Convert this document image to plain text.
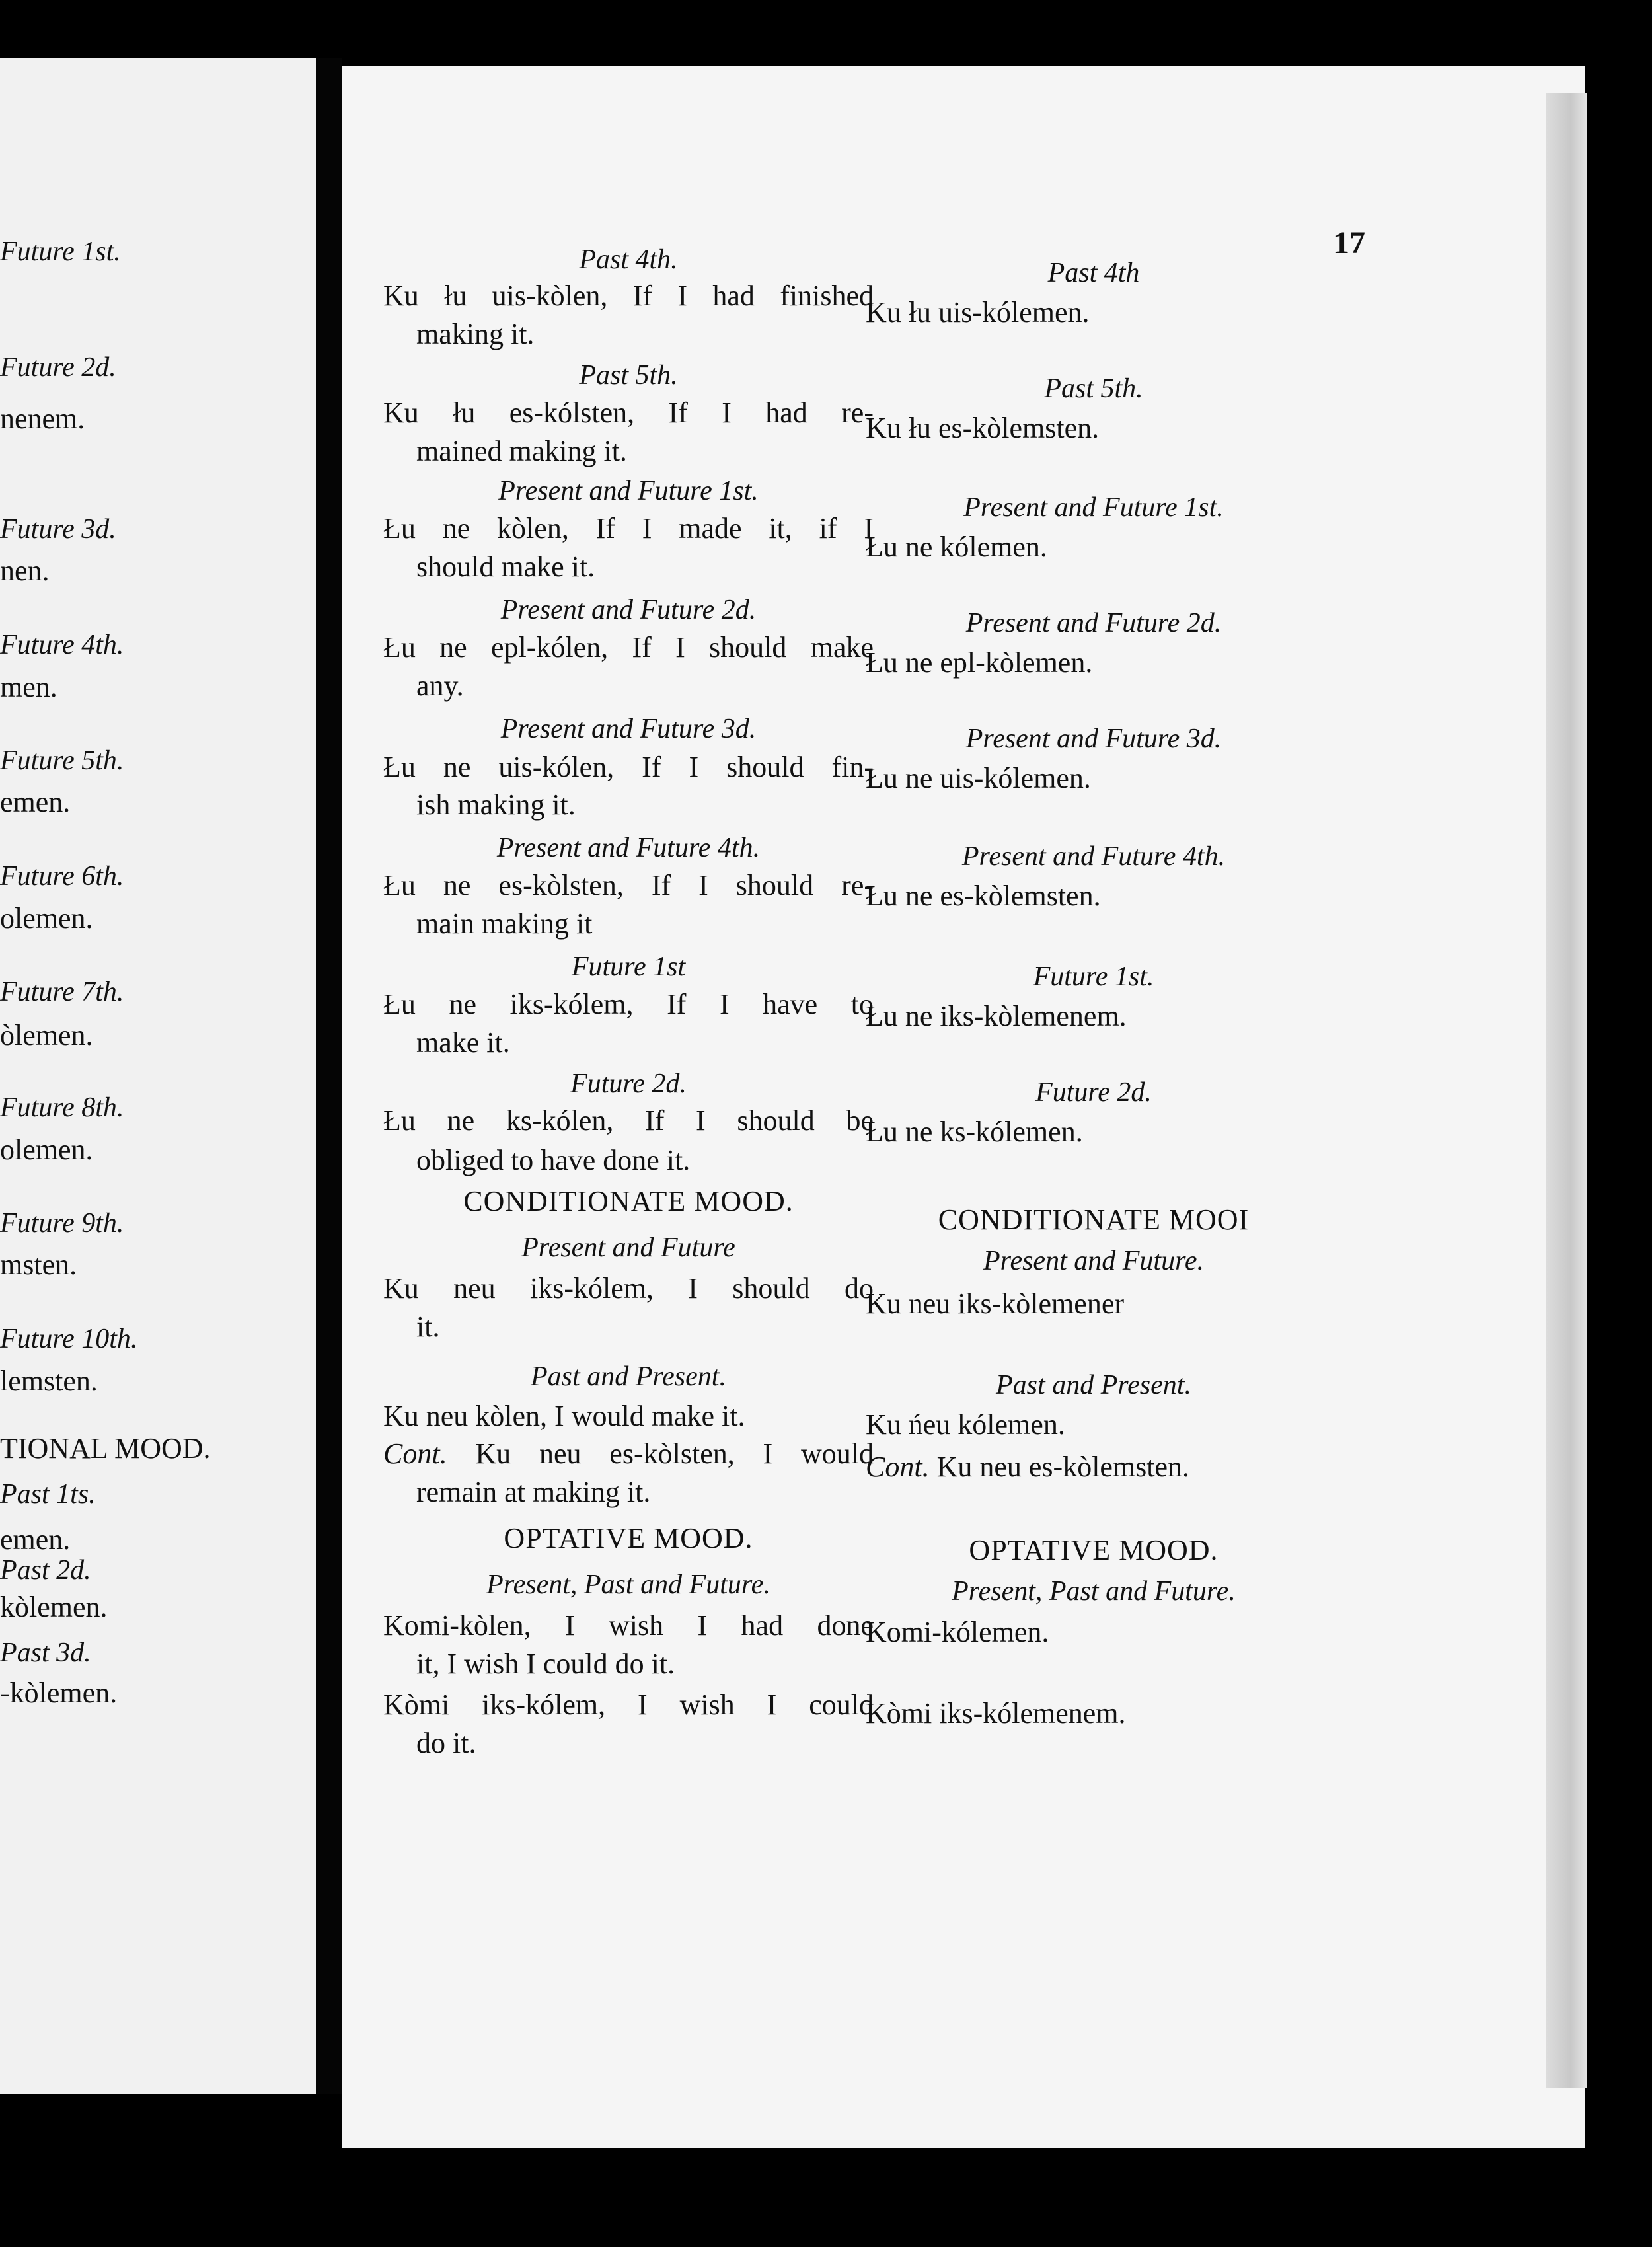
Future 1st.
Future 2d.
nenem.
Future 3d.
nen.
Future 4th.
men.
Future 5th.
emen.
Future 6th.
olemen.
Future 7th.
òlemen.
Future 8th.
olemen.
Future 9th.
msten.
Future 10th.
lemsten.
TIONAL MOOD.
Past 1ts.
emen.
Past 2d.
kòlemen.
Past 3d.
-kòlemen.
17
Past 4th.
Ku łu uis-kòlen, If I had finished
making it.
Past 5th.
Ku łu es-kólsten, If I had re-
mained making it.
Present and Future 1st.
Łu ne kòlen, If I made it, if I
should make it.
Present and Future 2d.
Łu ne epl-kólen, If I should make
any.
Present and Future 3d.
Łu ne uis-kólen, If I should fin-
ish making it.
Present and Future 4th.
Łu ne es-kòlsten, If I should re-
main making it
Future 1st
Łu ne iks-kólem, If I have to
make it.
Future 2d.
Łu ne ks-kólen, If I should be
obliged to have done it.
CONDITIONATE MOOD.
Present and Future
Ku neu iks-kólem, I should do
it.
Past and Present.
Ku neu kòlen, I would make it.
Cont. Ku neu es-kòlsten, I would
remain at making it.
OPTATIVE MOOD.
Present, Past and Future.
Komi-kòlen, I wish I had done
it, I wish I could do it.
Kòmi iks-kólem, I wish I could
do it.
Past 4th
Ku łu uis-kólemen.
Past 5th.
Ku łu es-kòlemsten.
Present and Future 1st.
Łu ne kólemen.
Present and Future 2d.
Łu ne epl-kòlemen.
Present and Future 3d.
Łu ne uis-kólemen.
Present and Future 4th.
Łu ne es-kòlemsten.
Future 1st.
Łu ne iks-kòlemenem.
Future 2d.
Łu ne ks-kólemen.
CONDITIONATE MOOI
Present and Future.
Ku neu iks-kòlemener
Past and Present.
Ku ńeu kólemen.
Cont. Ku neu es-kòlemsten.
OPTATIVE MOOD.
Present, Past and Future.
Komi-kólemen.
Kòmi iks-kólemenem.
